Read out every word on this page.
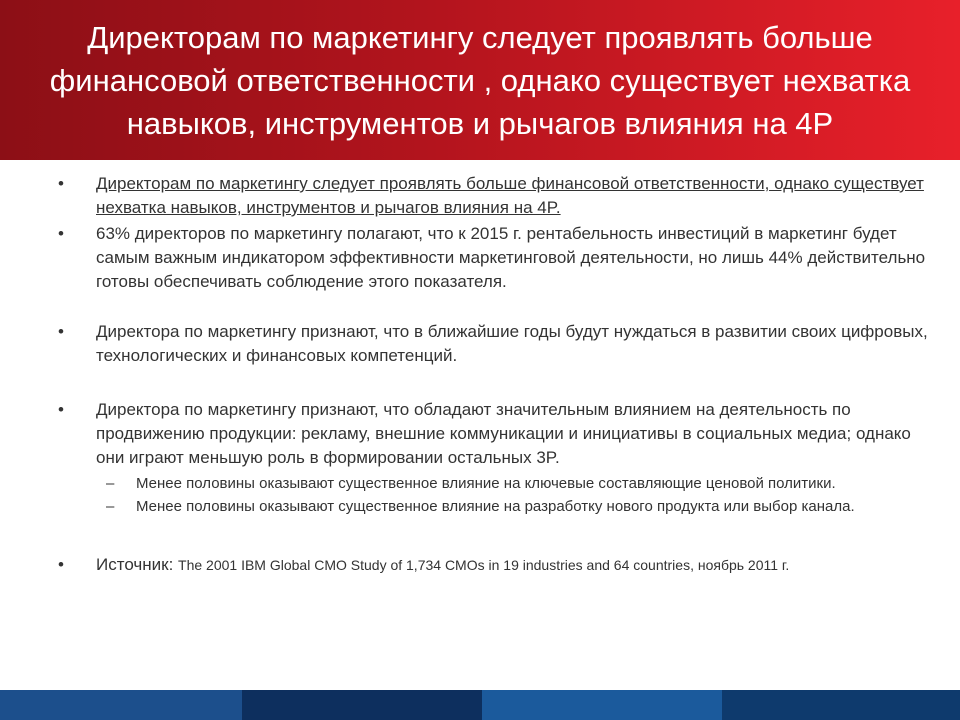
Директорам по маркетингу следует проявлять больше финансовой ответственности , однако существует нехватка навыков, инструментов и рычагов влияния на 4P
•	Директорам по маркетингу следует проявлять больше финансовой ответственности, однако существует нехватка навыков, инструментов и рычагов влияния на 4P.
•	63% директоров по маркетингу полагают, что к 2015 г. рентабельность инвестиций в маркетинг будет самым важным индикатором эффективности маркетинговой деятельности, но лишь 44% действительно готовы обеспечивать соблюдение этого показателя.
•	Директора по маркетингу признают, что в ближайшие годы будут нуждаться в развитии своих цифровых, технологических и финансовых компетенций.
•	Директора по маркетингу признают, что обладают значительным влиянием на деятельность по продвижению продукции: рекламу, внешние коммуникации и инициативы в социальных медиа; однако они играют меньшую роль в формировании остальных 3P.
– Менее половины оказывают существенное влияние на ключевые составляющие ценовой политики.
– Менее половины оказывают существенное влияние на разработку нового продукта или выбор канала.
•	Источник: The 2001 IBM Global CMO Study of 1,734 CMOs in 19 industries and 64 countries, ноябрь 2011 г.
